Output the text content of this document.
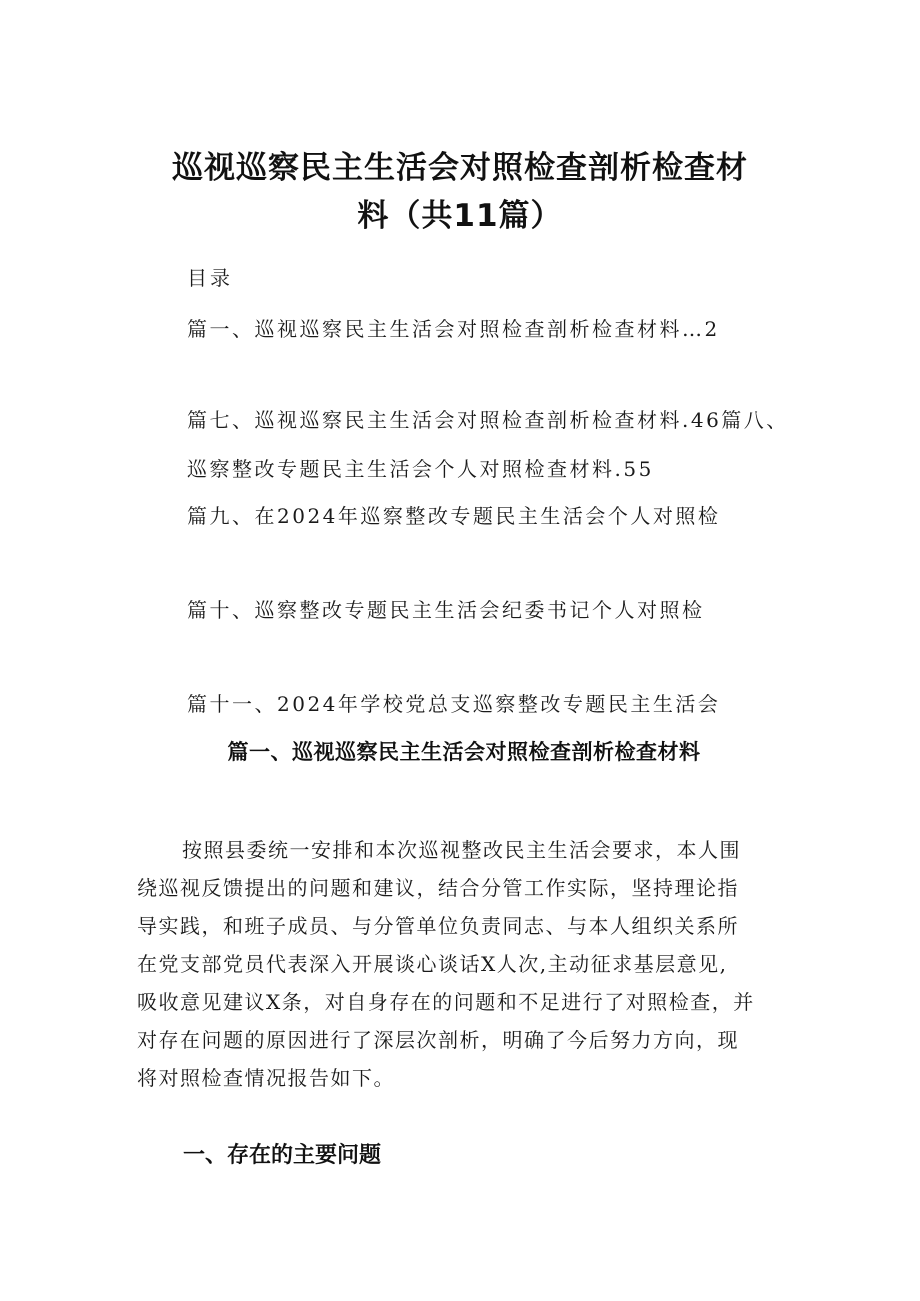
巡视巡察民主生活会对照检查剖析检查材
料（共11篇）
目录
篇一、巡视巡察民主生活会对照检查剖析检查材料…2
篇七、巡视巡察民主生活会对照检查剖析检查材料.46篇八、
巡察整改专题民主生活会个人对照检查材料.55
篇九、在2024年巡察整改专题民主生活会个人对照检
篇十、巡察整改专题民主生活会纪委书记个人对照检
篇十一、2024年学校党总支巡察整改专题民主生活会
篇一、巡视巡察民主生活会对照检查剖析检查材料
按照县委统一安排和本次巡视整改民主生活会要求，本人围
绕巡视反馈提出的问题和建议，结合分管工作实际，坚持理论指
导实践，和班子成员、与分管单位负责同志、与本人组织关系所
在党支部党员代表深入开展谈心谈话X人次,主动征求基层意见,
吸收意见建议X条，对自身存在的问题和不足进行了对照检查，并
对存在问题的原因进行了深层次剖析，明确了今后努力方向，现
将对照检查情况报告如下。
一、存在的主要问题
